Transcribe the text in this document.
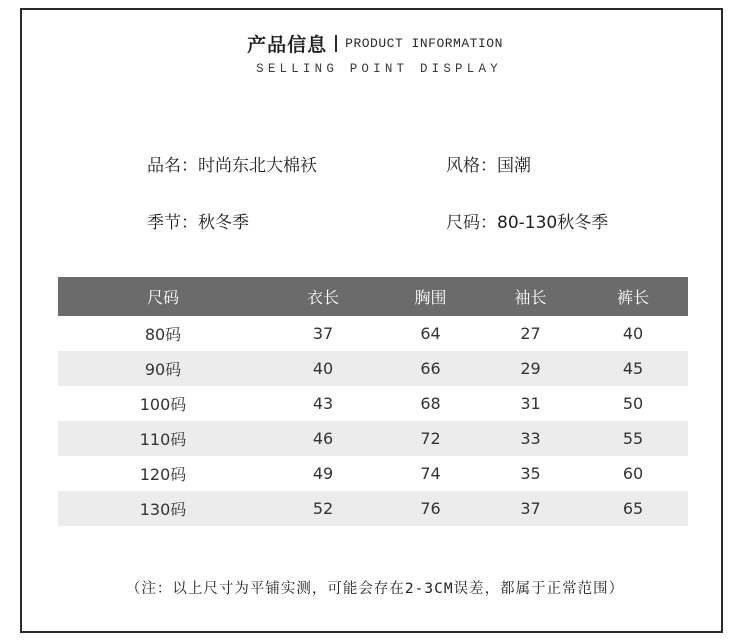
产品信息 PRODUCT INFORMATION
SELLING POINT DISPLAY
品名：时尚东北大棉袄	风格：国潮
季节：秋冬季	尺码：80-130秋冬季
尺码	衣长	胸围	袖长	裤长
80码	37	64	27	40
90码	40	66	29	45
100码	43	68	31	50
110码	46	72	33	55
120码	49	74	35	60
130码	52	76	37	65
（注：以上尺寸为平铺实测，可能会存在2-3CM误差，都属于正常范围）
